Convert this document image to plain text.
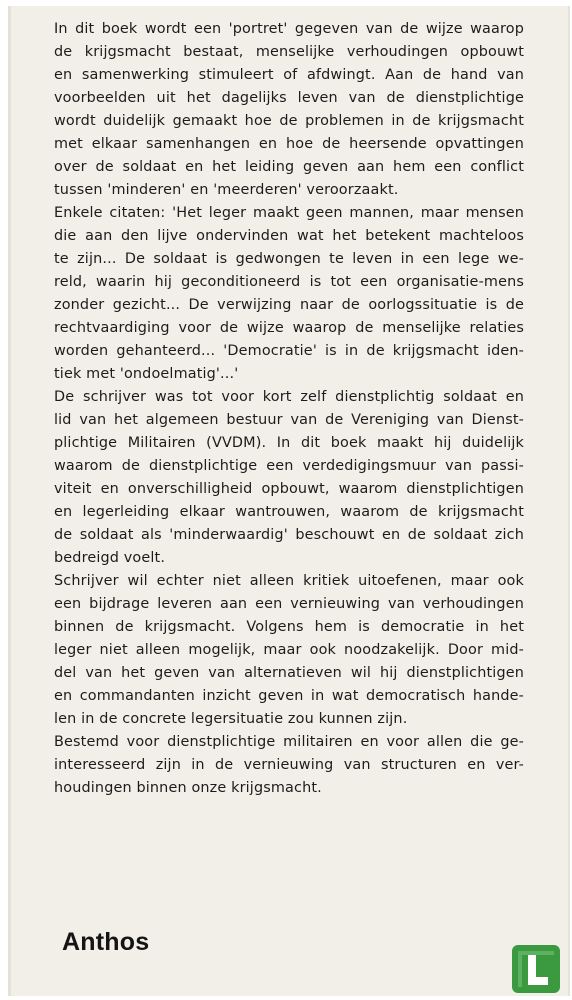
In dit boek wordt een 'portret' gegeven van de wijze waarop
de krijgsmacht bestaat, menselijke verhoudingen opbouwt
en samenwerking stimuleert of afdwingt. Aan de hand van
voorbeelden uit het dagelijks leven van de dienstplichtige
wordt duidelijk gemaakt hoe de problemen in de krijgsmacht
met elkaar samenhangen en hoe de heersende opvattingen
over de soldaat en het leiding geven aan hem een conflict
tussen 'minderen' en 'meerderen' veroorzaakt.

Enkele citaten: 'Het leger maakt geen mannen, maar mensen
die aan den lijve ondervinden wat het betekent machteloos
te zijn... De soldaat is gedwongen te leven in een lege we-
reld, waarin hij geconditioneerd is tot een organisatie-mens
zonder gezicht... De verwijzing naar de oorlogssituatie is de
rechtvaardiging voor de wijze waarop de menselijke relaties
worden gehanteerd... 'Democratie' is in de krijgsmacht iden-
tiek met 'ondoelmatig'...'

De schrijver was tot voor kort zelf dienstplichtig soldaat en
lid van het algemeen bestuur van de Vereniging van Dienst-
plichtige Militairen (VVDM). In dit boek maakt hij duidelijk
waarom de dienstplichtige een verdedigingsmuur van passi-
viteit en onverschilligheid opbouwt, waarom dienstplichtigen
en legerleiding elkaar wantrouwen, waarom de krijgsmacht
de soldaat als 'minderwaardig' beschouwt en de soldaat zich
bedreigd voelt.

Schrijver wil echter niet alleen kritiek uitoefenen, maar ook
een bijdrage leveren aan een vernieuwing van verhoudingen
binnen de krijgsmacht. Volgens hem is democratie in het
leger niet alleen mogelijk, maar ook noodzakelijk. Door mid-
del van het geven van alternatieven wil hij dienstplichtigen
en commandanten inzicht geven in wat democratisch hande-
len in de concrete legersituatie zou kunnen zijn.

Bestemd voor dienstplichtige militairen en voor allen die ge-
interesseerd zijn in de vernieuwing van structuren en ver-
houdingen binnen onze krijgsmacht.

Anthos
